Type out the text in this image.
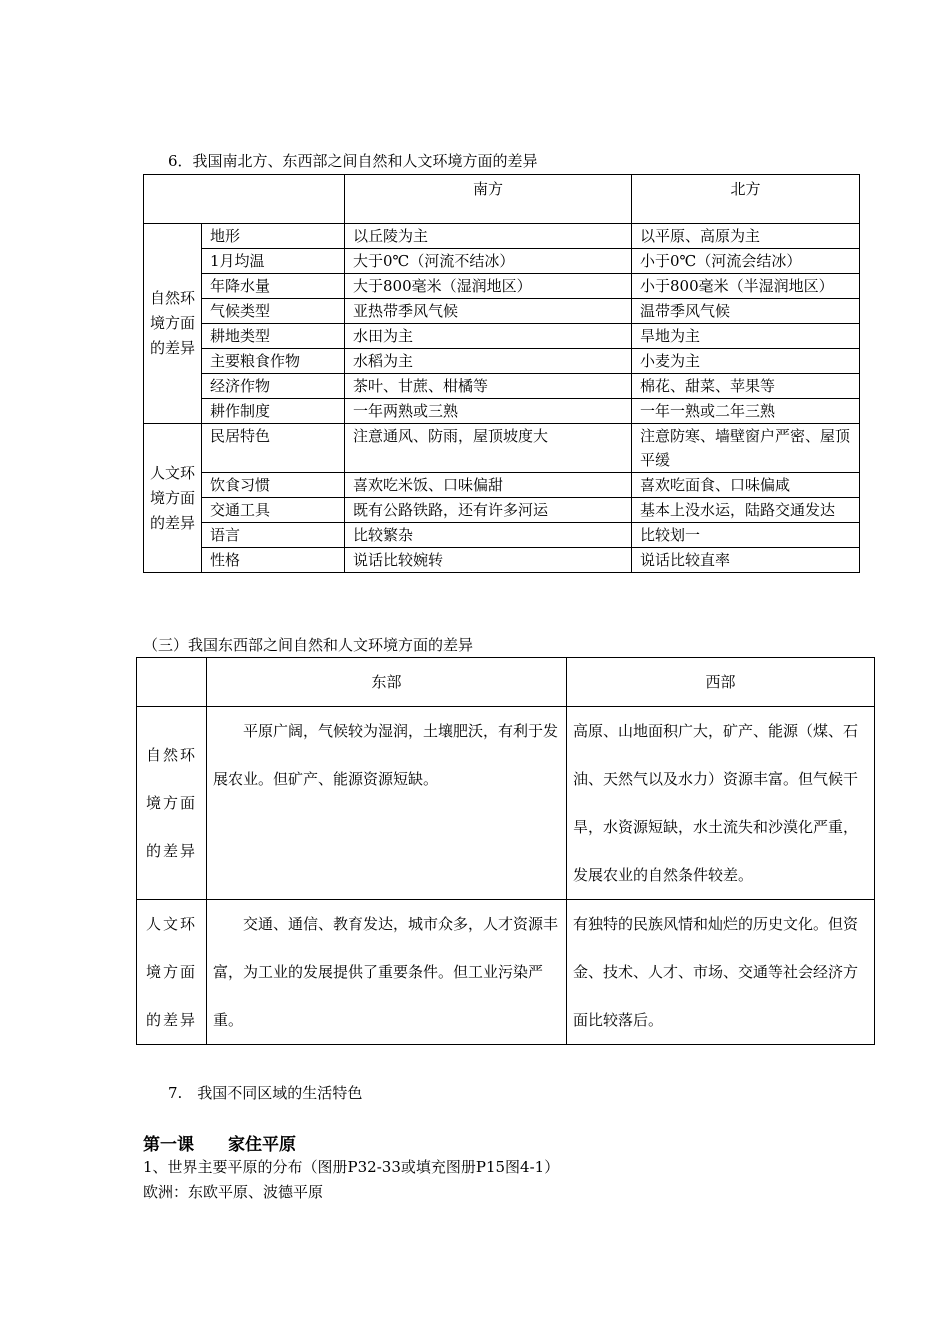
6．我国南北方、东西部之间自然和人文环境方面的差异
		南方	北方
自然环境方面的差异	地形	以丘陵为主	以平原、高原为主
	1月均温	大于0℃（河流不结冰）	小于0℃（河流会结冰）
	年降水量	大于800毫米（湿润地区）	小于800毫米（半湿润地区）
	气候类型	亚热带季风气候	温带季风气候
	耕地类型	水田为主	旱地为主
	主要粮食作物	水稻为主	小麦为主
	经济作物	茶叶、甘蔗、柑橘等	棉花、甜菜、苹果等
	耕作制度	一年两熟或三熟	一年一熟或二年三熟
人文环境方面的差异	民居特色	注意通风、防雨，屋顶坡度大	注意防寒、墙壁窗户严密、屋顶平缓
	饮食习惯	喜欢吃米饭、口味偏甜	喜欢吃面食、口味偏咸
	交通工具	既有公路铁路，还有许多河运	基本上没水运，陆路交通发达
	语言	比较繁杂	比较划一
	性格	说话比较婉转	说话比较直率
（三）我国东西部之间自然和人文环境方面的差异
	东部	西部
自然环境方面的差异	平原广阔，气候较为湿润，土壤肥沃，有利于发展农业。但矿产、能源资源短缺。	高原、山地面积广大，矿产、能源（煤、石油、天然气以及水力）资源丰富。但气候干旱，水资源短缺，水土流失和沙漠化严重，发展农业的自然条件较差。
人文环境方面的差异	交通、通信、教育发达，城市众多，人才资源丰富，为工业的发展提供了重要条件。但工业污染严重。	有独特的民族风情和灿烂的历史文化。但资金、技术、人才、市场、交通等社会经济方面比较落后。
7.　我国不同区域的生活特色
第一课　　家住平原
1、世界主要平原的分布（图册P32-33或填充图册P15图4-1）
欧洲：东欧平原、波德平原
